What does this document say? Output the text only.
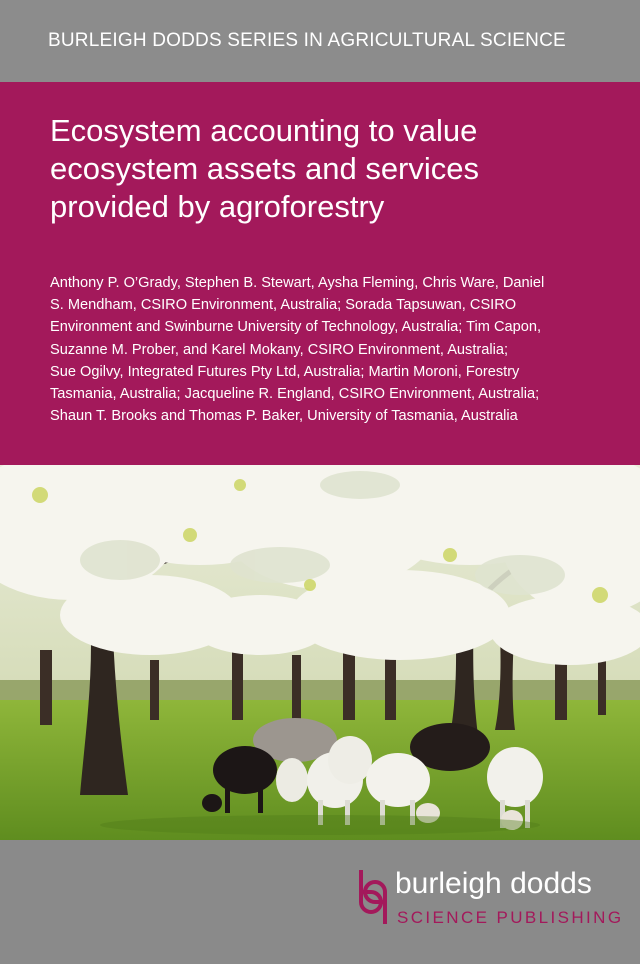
BURLEIGH DODDS SERIES IN AGRICULTURAL SCIENCE
Ecosystem accounting to value
ecosystem assets and services
provided by agroforestry

Anthony P. O’Grady, Stephen B. Stewart, Aysha Fleming, Chris Ware, Daniel
S. Mendham, CSIRO Environment, Australia; Sorada Tapsuwan, CSIRO
Environment and Swinburne University of Technology, Australia; Tim Capon,
Suzanne M. Prober, and Karel Mokany, CSIRO Environment, Australia;
Sue Ogilvy, Integrated Futures Pty Ltd, Australia; Martin Moroni, Forestry
Tasmania, Australia; Jacqueline R. England, CSIRO Environment, Australia;
Shaun T. Brooks and Thomas P. Baker, University of Tasmania, Australia

burleigh dodds
SCIENCE PUBLISHING
